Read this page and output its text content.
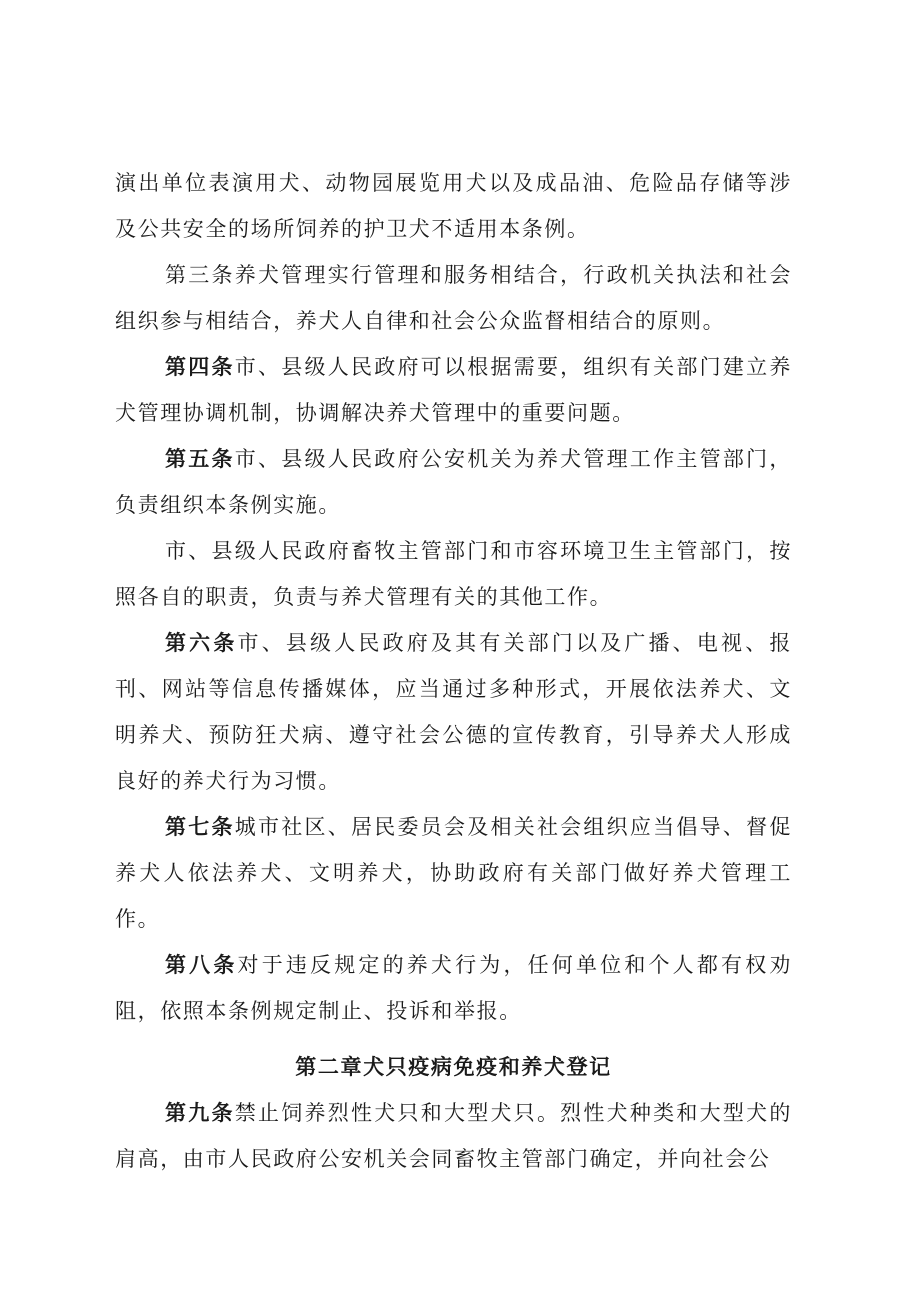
演出单位表演用犬、动物园展览用犬以及成品油、危险品存储等涉及公共安全的场所饲养的护卫犬不适用本条例。

第三条养犬管理实行管理和服务相结合，行政机关执法和社会组织参与相结合，养犬人自律和社会公众监督相结合的原则。

第四条市、县级人民政府可以根据需要，组织有关部门建立养犬管理协调机制，协调解决养犬管理中的重要问题。

第五条市、县级人民政府公安机关为养犬管理工作主管部门，负责组织本条例实施。

市、县级人民政府畜牧主管部门和市容环境卫生主管部门，按照各自的职责，负责与养犬管理有关的其他工作。

第六条市、县级人民政府及其有关部门以及广播、电视、报刊、网站等信息传播媒体，应当通过多种形式，开展依法养犬、文明养犬、预防狂犬病、遵守社会公德的宣传教育，引导养犬人形成良好的养犬行为习惯。

第七条城市社区、居民委员会及相关社会组织应当倡导、督促养犬人依法养犬、文明养犬，协助政府有关部门做好养犬管理工作。

第八条对于违反规定的养犬行为，任何单位和个人都有权劝阻，依照本条例规定制止、投诉和举报。

第二章犬只疫病免疫和养犬登记

第九条禁止饲养烈性犬只和大型犬只。烈性犬种类和大型犬的肩高，由市人民政府公安机关会同畜牧主管部门确定，并向社会公
